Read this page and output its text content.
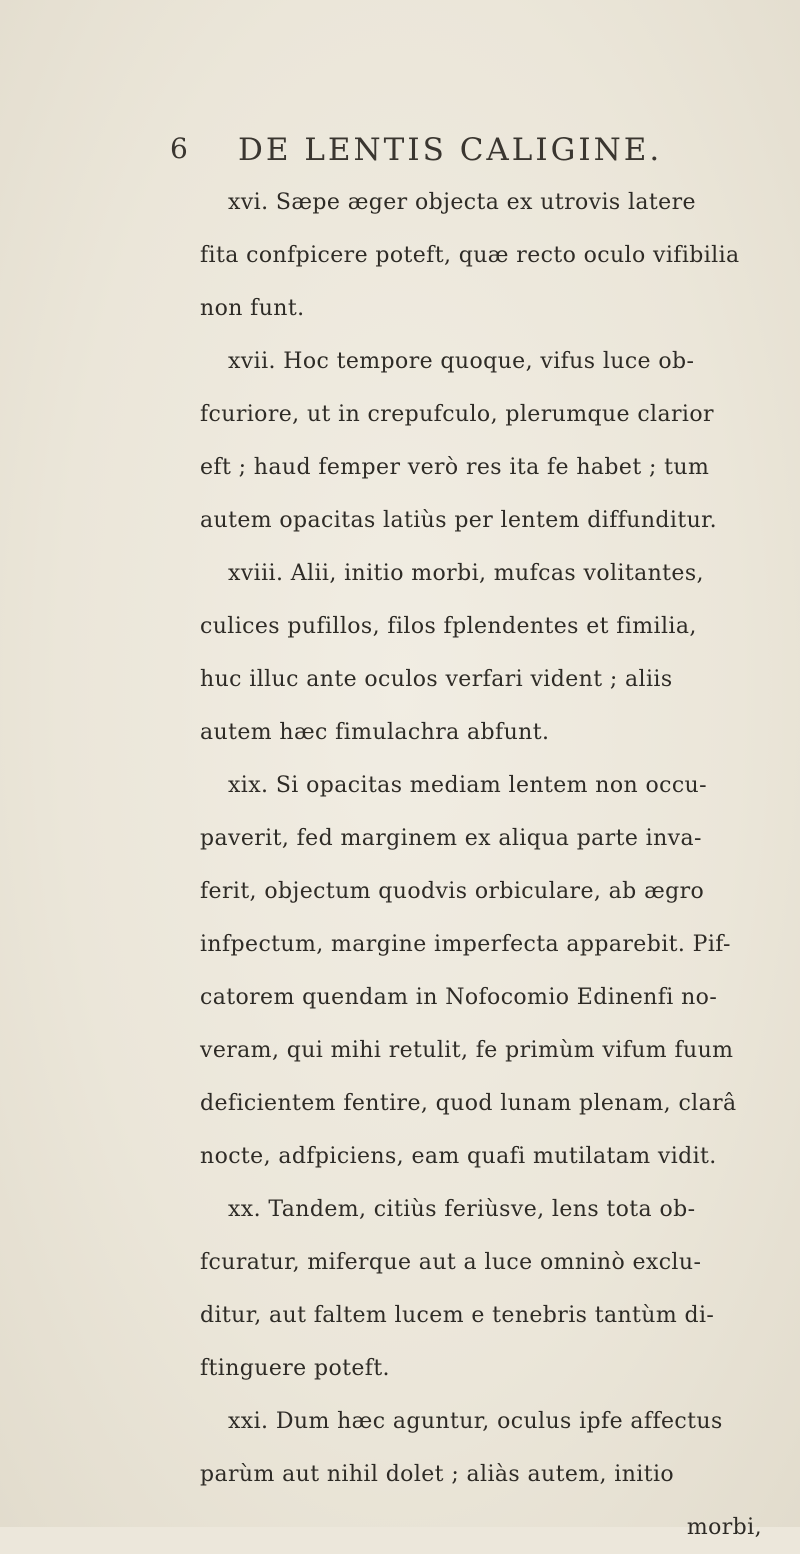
6 DE LENTIS CALIGINE.
xvi. Sæpe æger objecta ex utrovis latere
fita confpicere poteft, quæ recto oculo vifibilia
non funt.
xvii. Hoc tempore quoque, vifus luce ob-
fcuriore, ut in crepufculo, plerumque clarior
eft ; haud femper verò res ita fe habet ; tum
autem opacitas latiùs per lentem diffunditur.
xviii. Alii, initio morbi, mufcas volitantes,
culices pufillos, filos fplendentes et fimilia,
huc illuc ante oculos verfari vident ; aliis
autem hæc fimulachra abfunt.
xix. Si opacitas mediam lentem non occu-
paverit, fed marginem ex aliqua parte inva-
ferit, objectum quodvis orbiculare, ab ægro
infpectum, margine imperfecta apparebit. Pif-
catorem quendam in Nofocomio Edinenfi no-
veram, qui mihi retulit, fe primùm vifum fuum
deficientem fentire, quod lunam plenam, clarâ
nocte, adfpiciens, eam quafi mutilatam vidit.
xx. Tandem, citiùs feriùsve, lens tota ob-
fcuratur, miferque aut a luce omninò exclu-
ditur, aut faltem lucem e tenebris tantùm di-
ftinguere poteft.
xxi. Dum hæc aguntur, oculus ipfe affectus
parùm aut nihil dolet ; aliàs autem, initio
morbi,
